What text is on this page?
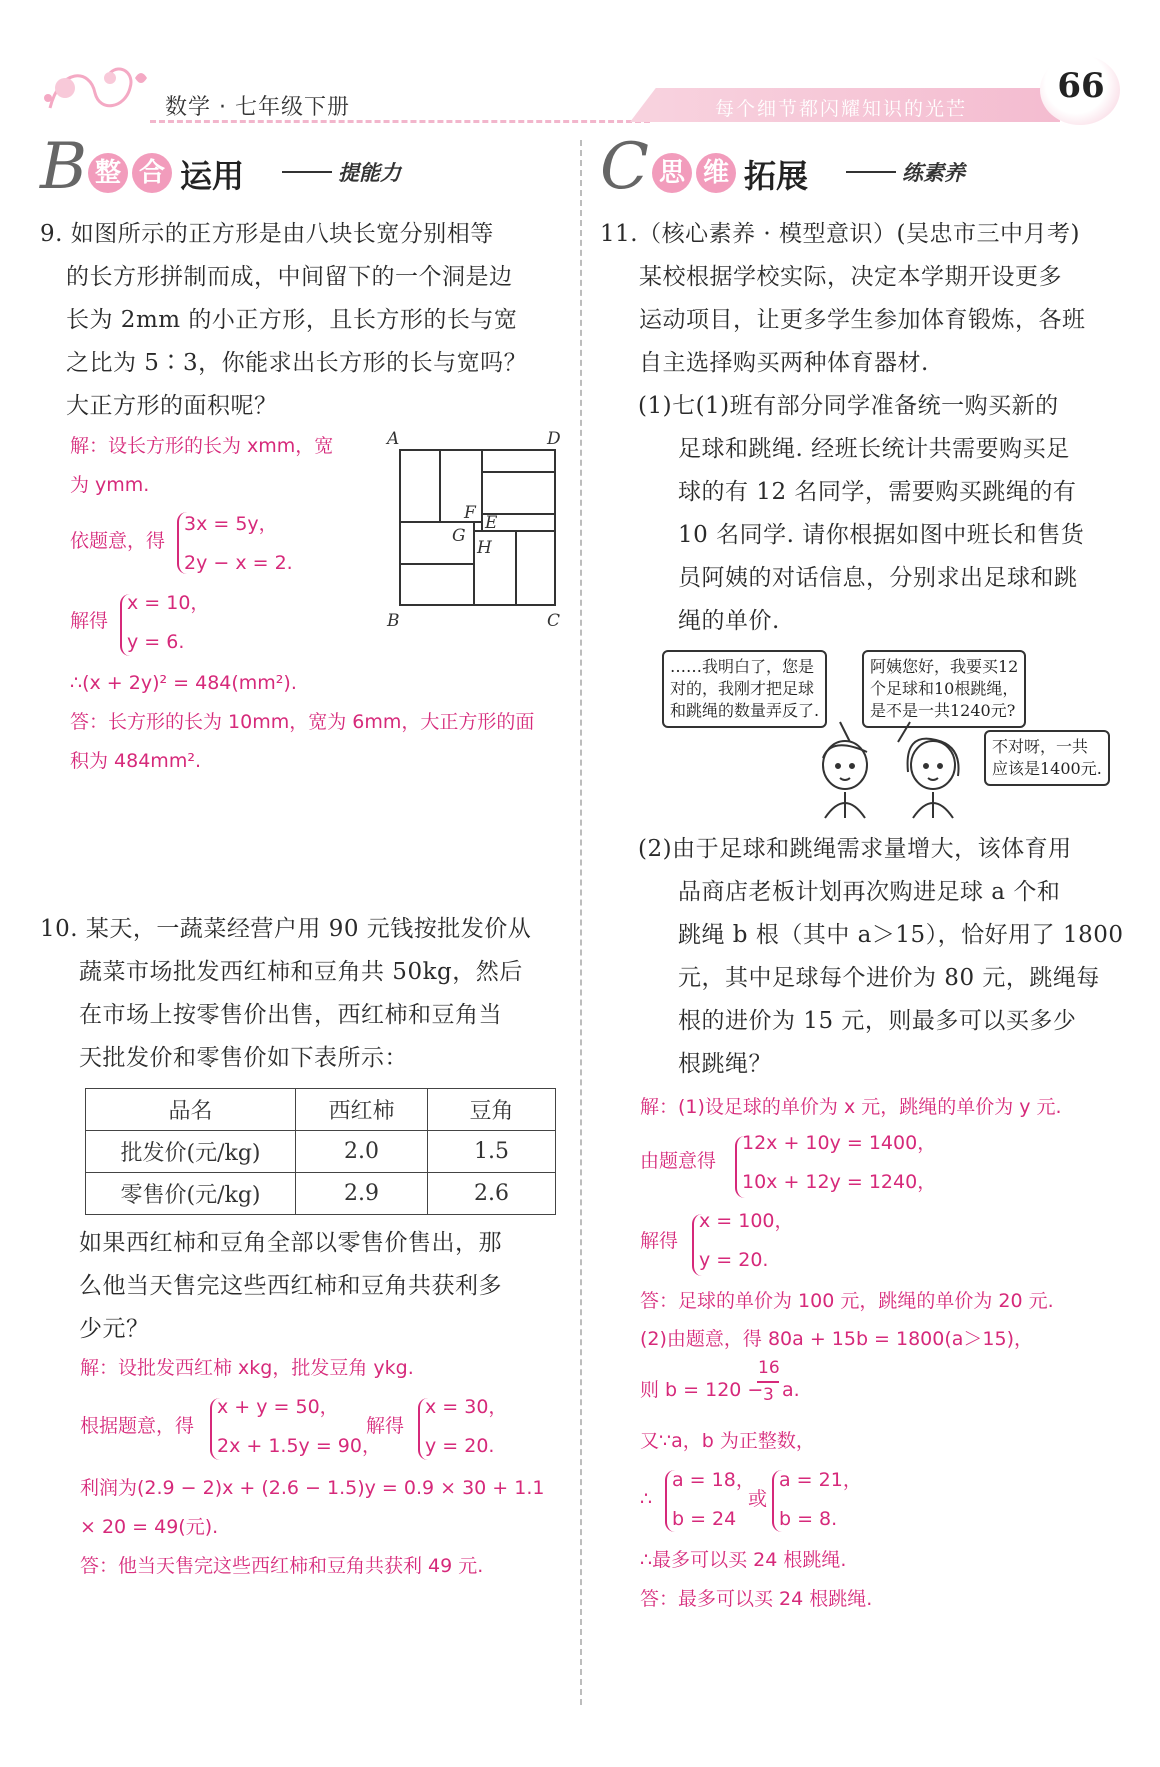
数学 · 七年级下册	每个细节都闪耀知识的光芒
66
B 整 合 运用	提能力	C 思 维 拓展	练素养
9. 如图所示的正方形是由八块长宽分别相等
的长方形拼制而成，中间留下的一个洞是边
长为 2mm 的小正方形，且长方形的长与宽
之比为 5∶3，你能求出长方形的长与宽吗？
大正方形的面积呢？
解：设长方形的长为 xmm，宽
为 ymm.
依题意，得
3x = 5y，
2y − x = 2.
解得
x = 10，
y = 6.
∴(x + 2y)² = 484(mm²).
答：长方形的长为 10mm，宽为 6mm，大正方形的面
积为 484mm².
A	D
B	C
F E
G
H
10. 某天，一蔬菜经营户用 90 元钱按批发价从
蔬菜市场批发西红柿和豆角共 50kg，然后
在市场上按零售价出售，西红柿和豆角当
天批发价和零售价如下表所示：
品名	西红柿	豆角
批发价(元/kg)	2.0	1.5
零售价(元/kg)	2.9	2.6
如果西红柿和豆角全部以零售价售出，那
么他当天售完这些西红柿和豆角共获利多
少元？
解：设批发西红柿 xkg，批发豆角 ykg.
根据题意，得
x + y = 50，
2x + 1.5y = 90，
解得
x = 30，
y = 20.
利润为(2.9 − 2)x + (2.6 − 1.5)y = 0.9 × 30 + 1.1
× 20 = 49(元).
答：他当天售完这些西红柿和豆角共获利 49 元.
11.（核心素养 · 模型意识）(吴忠市三中月考)
某校根据学校实际，决定本学期开设更多
运动项目，让更多学生参加体育锻炼，各班
自主选择购买两种体育器材.
(1)七(1)班有部分同学准备统一购买新的
足球和跳绳. 经班长统计共需要购买足
球的有 12 名同学，需要购买跳绳的有
10 名同学. 请你根据如图中班长和售货
员阿姨的对话信息，分别求出足球和跳
绳的单价.
……我明白了，您是
对的，我刚才把足球
和跳绳的数量弄反了.
阿姨您好，我要买12
个足球和10根跳绳，
是不是一共1240元?
不对呀，一共
应该是1400元.
(2)由于足球和跳绳需求量增大，该体育用
品商店老板计划再次购进足球 a 个和
跳绳 b 根（其中 a＞15），恰好用了 1800
元，其中足球每个进价为 80 元，跳绳每
根的进价为 15 元，则最多可以买多少
根跳绳？
解：(1)设足球的单价为 x 元，跳绳的单价为 y 元.
由题意得
12x + 10y = 1400，
10x + 12y = 1240，
解得
x = 100，
y = 20.
答：足球的单价为 100 元，跳绳的单价为 20 元.
(2)由题意，得 80a + 15b = 1800(a＞15)，
则 b = 120 −
16
3 a.
又∵a，b 为正整数，
∴
a = 18，
b = 24
或
a = 21，
b = 8.
∴最多可以买 24 根跳绳.
答：最多可以买 24 根跳绳.
